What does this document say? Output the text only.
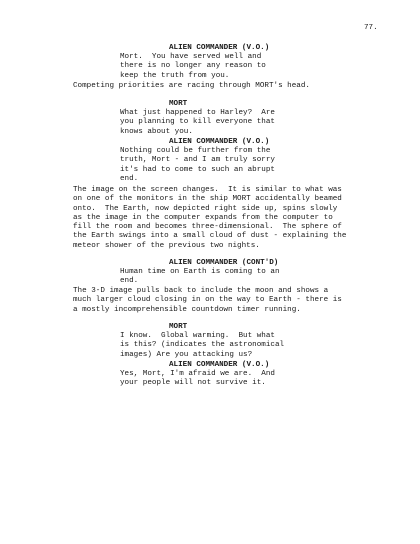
77.
ALIEN COMMANDER (V.O.)
Mort.  You have served well and
there is no longer any reason to
keep the truth from you.
Competing priorities are racing through MORT's head.
MORT
What just happened to Harley?  Are
you planning to kill everyone that
knows about you.
ALIEN COMMANDER (V.O.)
Nothing could be further from the
truth, Mort - and I am truly sorry
it's had to come to such an abrupt
end.
The image on the screen changes.  It is similar to what was
on one of the monitors in the ship MORT accidentally beamed
onto.  The Earth, now depicted right side up, spins slowly
as the image in the computer expands from the computer to
fill the room and becomes three-dimensional.  The sphere of
the Earth swings into a small cloud of dust - explaining the
meteor shower of the previous two nights.
ALIEN COMMANDER (CONT'D)
Human time on Earth is coming to an
end.
The 3-D image pulls back to include the moon and shows a
much larger cloud closing in on the way to Earth - there is
a mostly incomprehensible countdown timer running.
MORT
I know.  Global warming.  But what
is this? (indicates the astronomical
images) Are you attacking us?
ALIEN COMMANDER (V.O.)
Yes, Mort, I'm afraid we are.  And
your people will not survive it.
